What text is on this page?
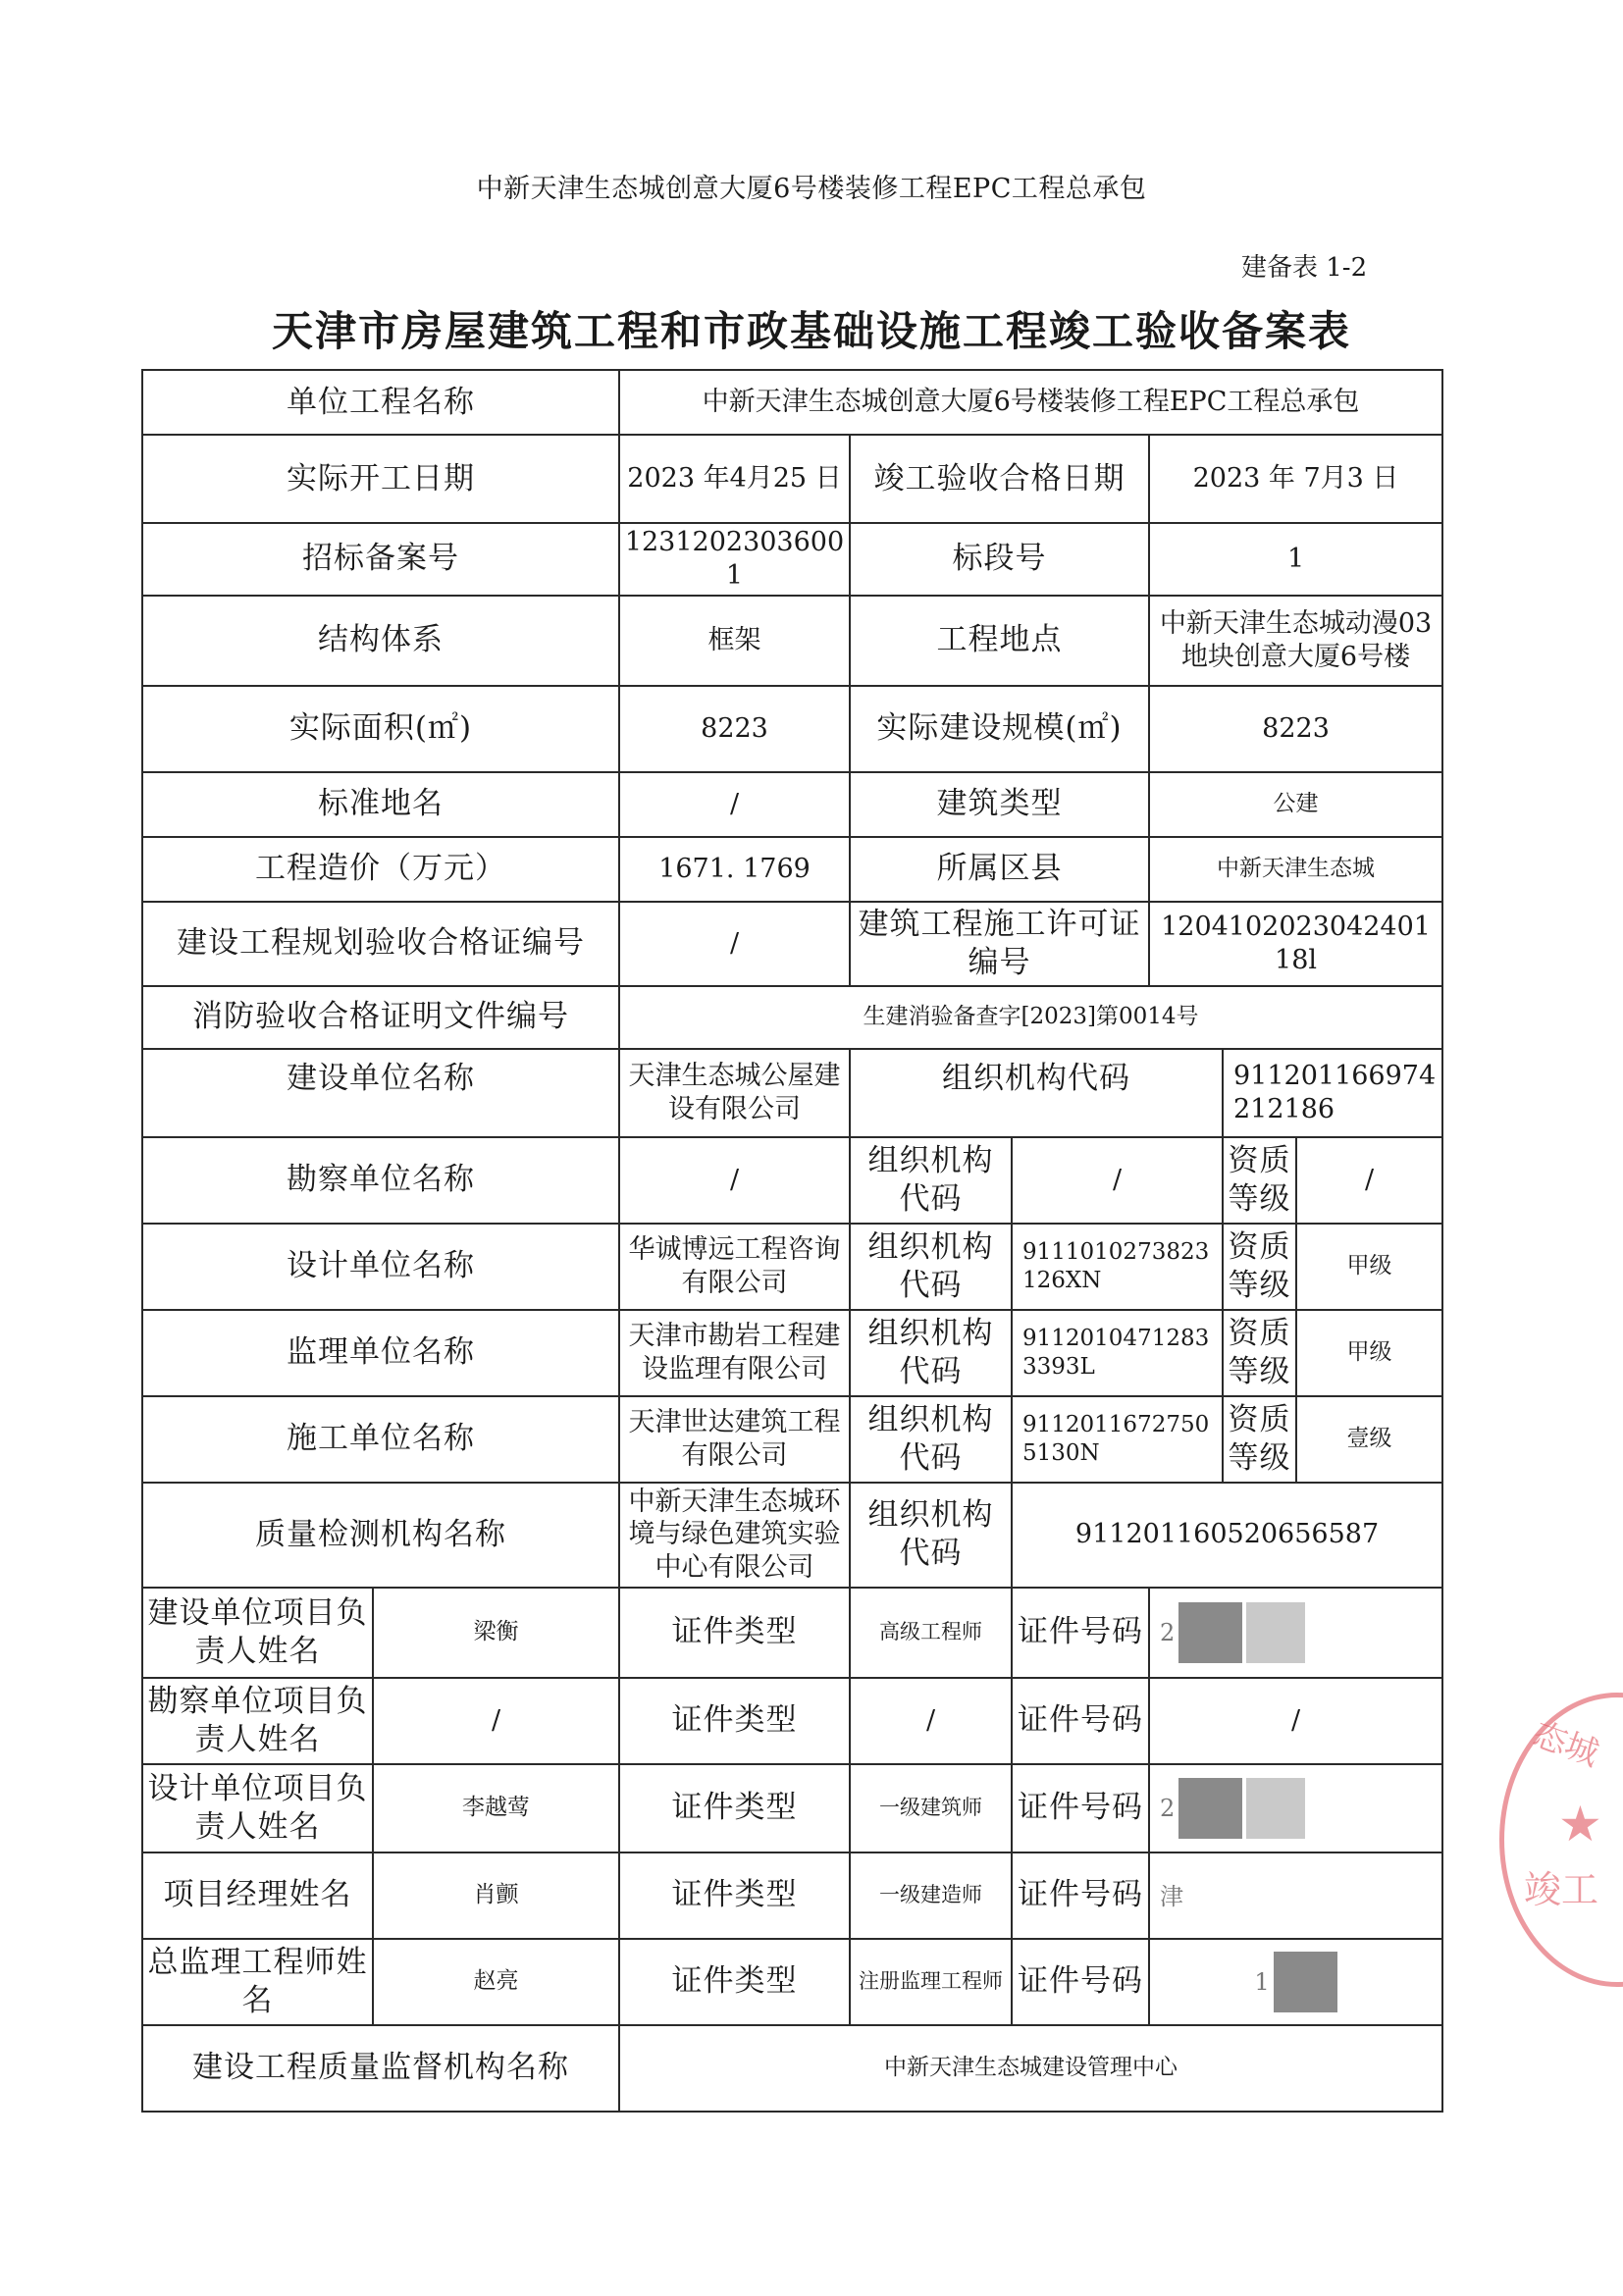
中新天津生态城创意大厦6号楼装修工程EPC工程总承包
建备表 1-2
天津市房屋建筑工程和市政基础设施工程竣工验收备案表
单位工程名称		中新天津生态城创意大厦6号楼装修工程EPC工程总承包					
实际开工日期		2023 年4月25 日	竣工验收合格日期		2023 年 7月3 日		
招标备案号		12312023036001	标段号		1		
结构体系		框架	工程地点		中新天津生态城动漫03地块创意大厦6号楼		
实际面积(㎡)		8223	实际建设规模(㎡)		8223		
标准地名		/	建筑类型		公建		
工程造价（万元）		1671. 1769	所属区县		中新天津生态城		
建设工程规划验收合格证编号		/	建筑工程施工许可证编号		120410202304240118l		
消防验收合格证明文件编号		生建消验备查字[2023]第0014号					
建设单位名称		天津生态城公屋建设有限公司	组织机构代码			911201166974212186	
勘察单位名称		/	组织机构代码	/		资质等级	/
设计单位名称		华诚博远工程咨询有限公司	组织机构代码	9111010273823126XN		资质等级	甲级
监理单位名称		天津市勘岩工程建设监理有限公司	组织机构代码	91120104712833393L		资质等级	甲级
施工单位名称		天津世达建筑工程有限公司	组织机构代码	91120116727505130N		资质等级	壹级
质量检测机构名称		中新天津生态城环境与绿色建筑实验中心有限公司	组织机构代码	911201160520656587			
建设单位项目负责人姓名	梁衡	证件类型	高级工程师	证件号码	2		
勘察单位项目负责人姓名	/	证件类型	/	证件号码	/		
设计单位项目负责人姓名	李越莺	证件类型	一级建筑师	证件号码	2		
项目经理姓名	肖颤	证件类型	一级建造师	证件号码	津		
总监理工程师姓名	赵亮	证件类型	注册监理工程师	证件号码	1		
建设工程质量监督机构名称		中新天津生态城建设管理中心					
态城
★
竣工
